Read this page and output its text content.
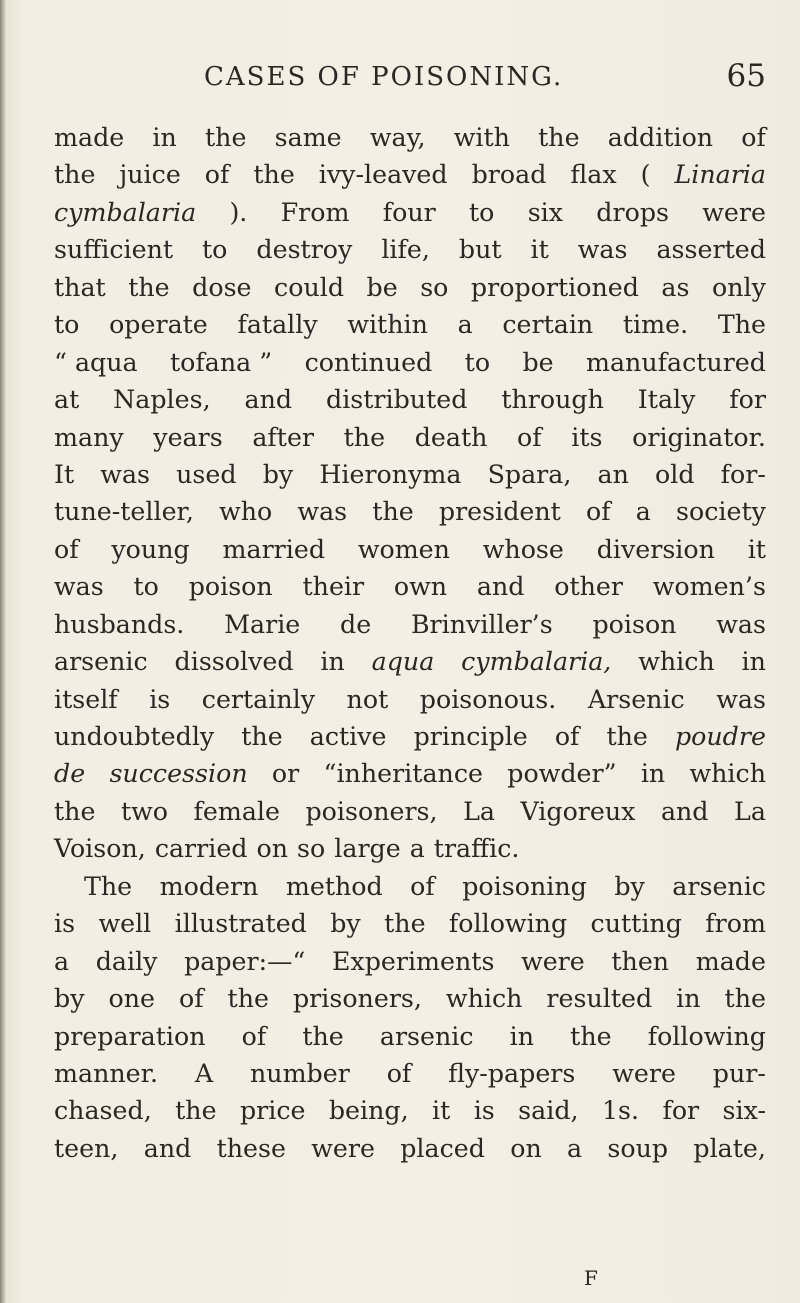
CASES OF POISONING.	65
made in the same way, with the addition of
the juice of the ivy-leaved broad flax ( Linaria
cymbalaria ). From four to six drops were
sufficient to destroy life, but it was asserted
that the dose could be so proportioned as only
to operate fatally within a certain time. The
“ aqua tofana ” continued to be manufactured
at Naples, and distributed through Italy for
many years after the death of its originator.
It was used by Hieronyma Spara, an old for-
tune-teller, who was the president of a society
of young married women whose diversion it
was to poison their own and other women’s
husbands. Marie de Brinviller’s poison was
arsenic dissolved in aqua cymbalaria, which in
itself is certainly not poisonous. Arsenic was
undoubtedly the active principle of the poudre
de succession or “inheritance powder” in which
the two female poisoners, La Vigoreux and La
Voison, carried on so large a traffic.
The modern method of poisoning by arsenic
is well illustrated by the following cutting from
a daily paper:—“ Experiments were then made
by one of the prisoners, which resulted in the
preparation of the arsenic in the following
manner. A number of fly-papers were pur-
chased, the price being, it is said, 1s. for six-
teen, and these were placed on a soup plate,
F
